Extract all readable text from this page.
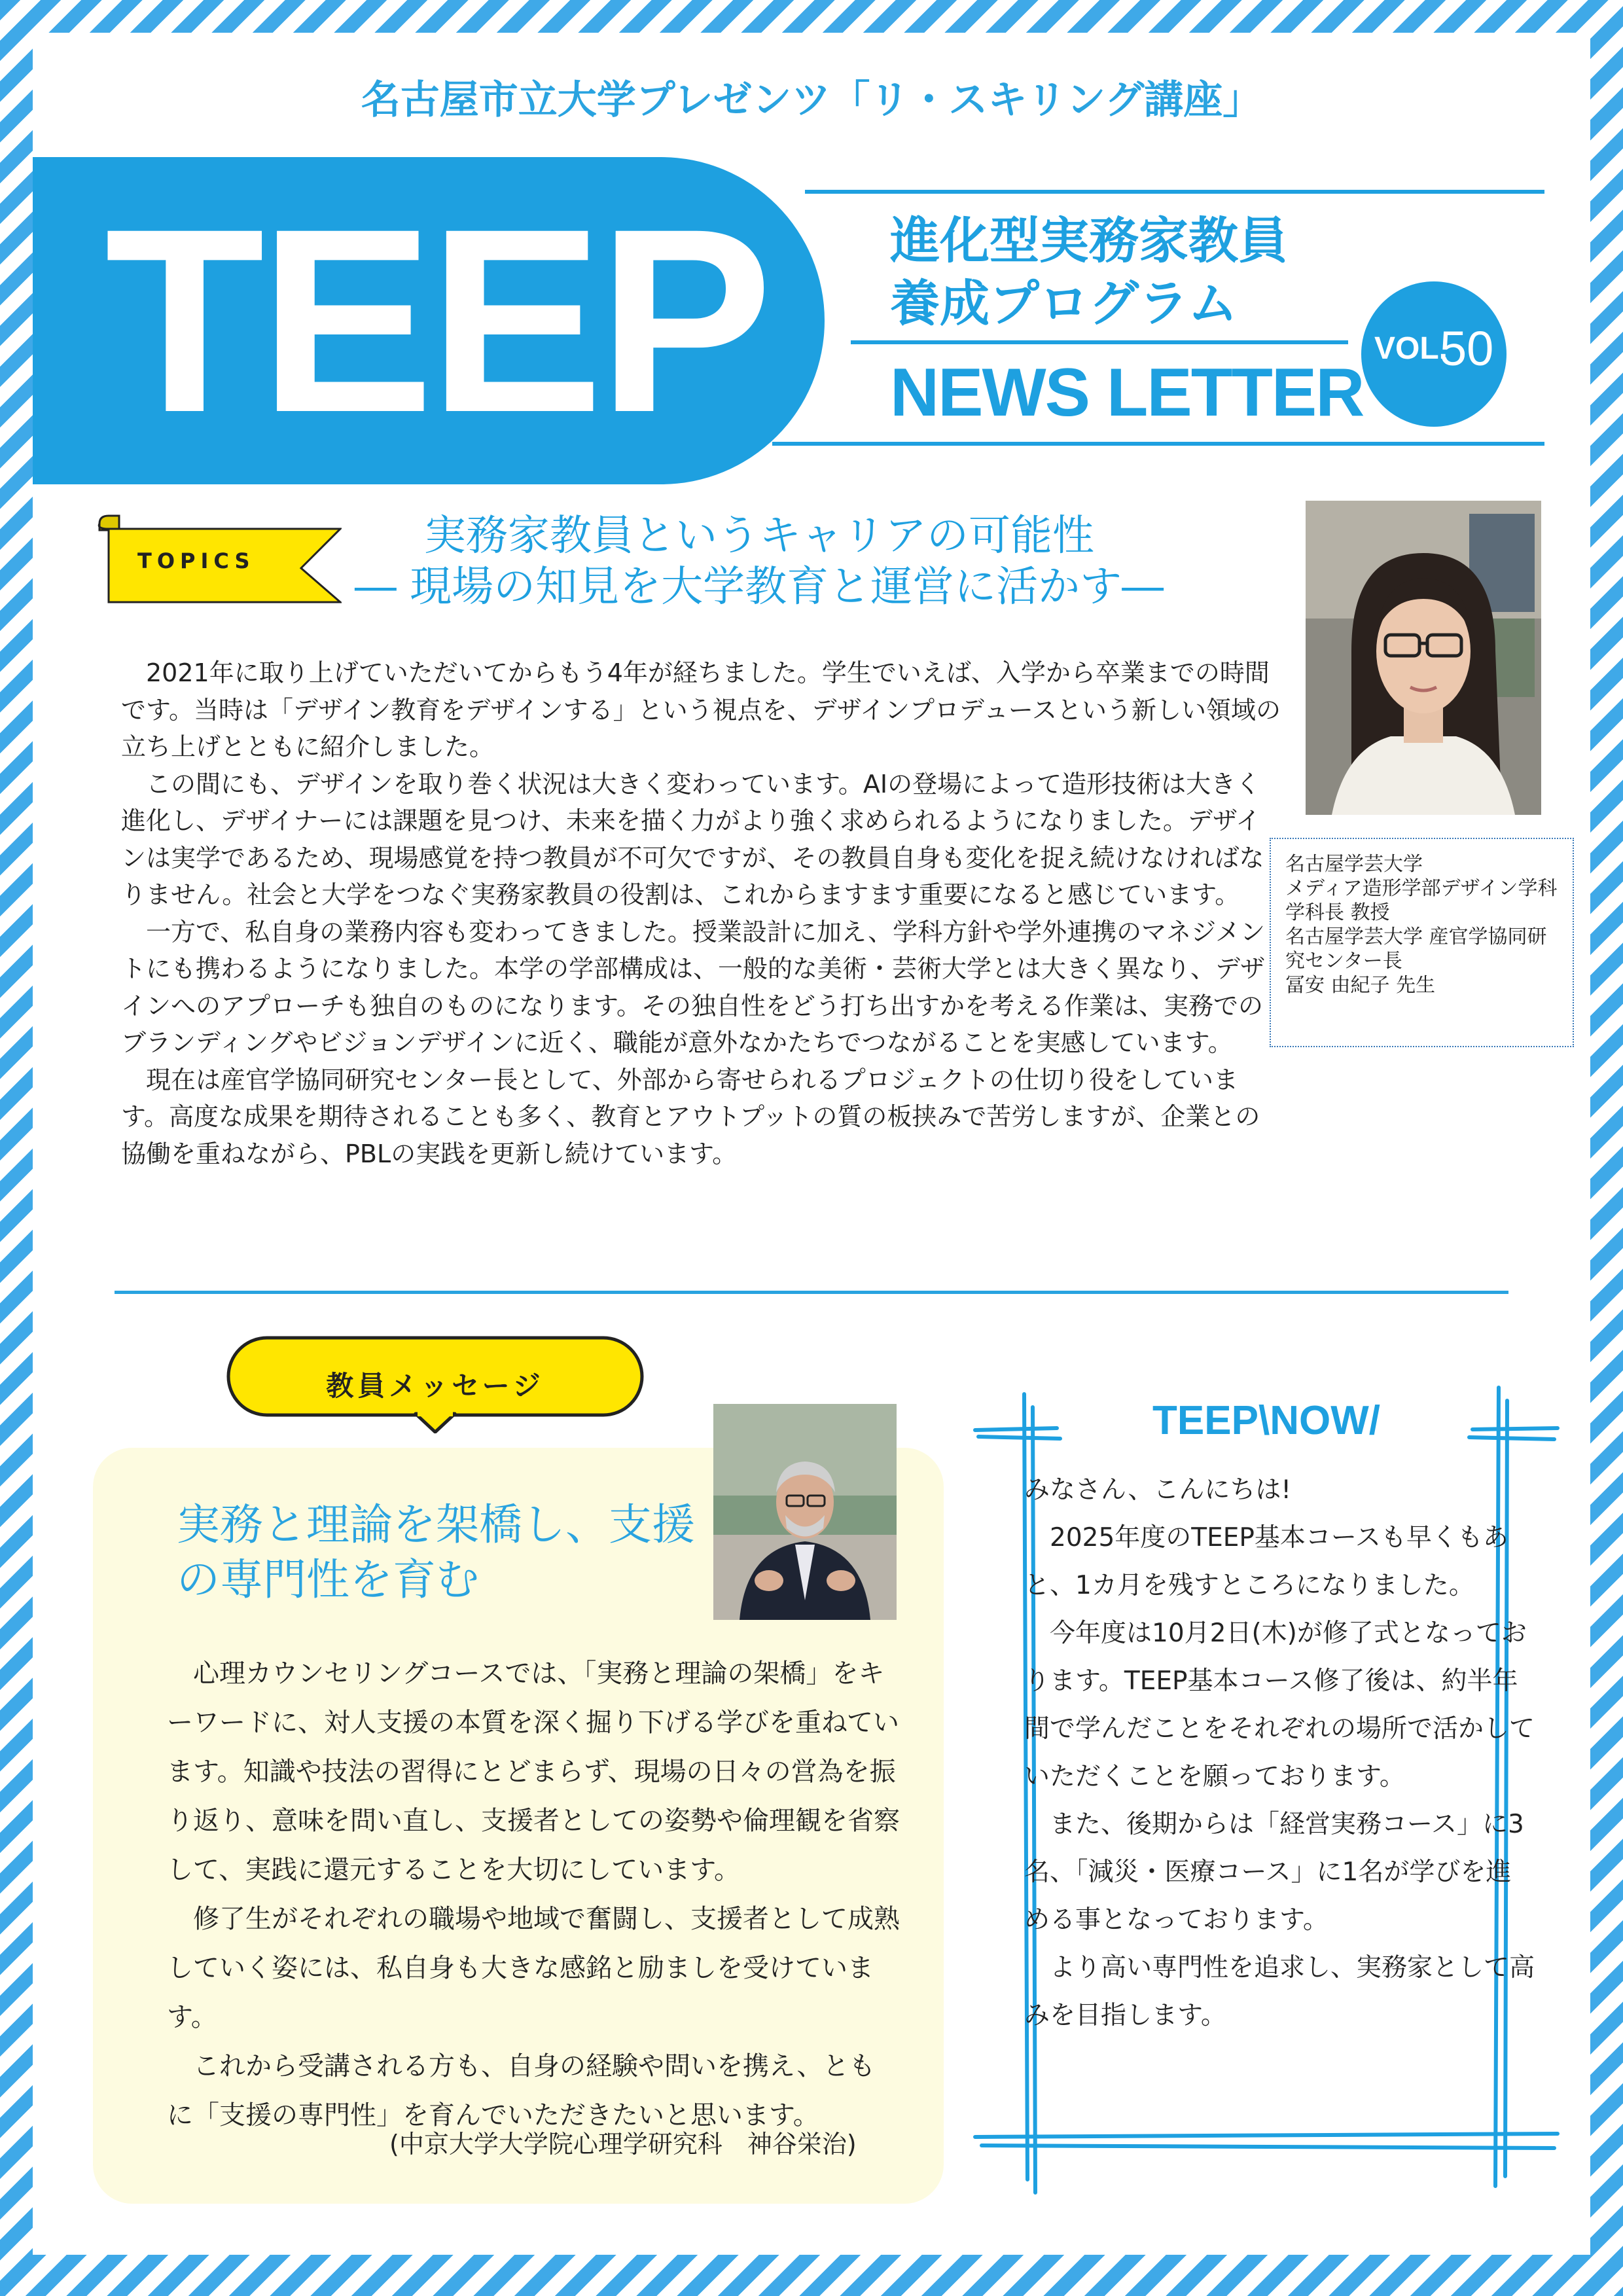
名古屋市立大学プレゼンツ「リ・スキリング講座」
TEEP 進化型実務家教員
養成プログラム
NEWS LETTER
VOL.
50
TOPICS
実務家教員というキャリアの可能性
― 現場の知見を大学教育と運営に活かす―

2021年に取り上げていただいてからもう4年が経ちました。学生でいえば、入学から卒業までの時間です。当時は「デザイン教育をデザインする」という視点を、デザインプロデュースという新しい領域の立ち上げとともに紹介しました。

この間にも、デザインを取り巻く状況は大きく変わっています。AIの登場によって造形技術は大きく進化し、デザイナーには課題を見つけ、未来を描く力がより強く求められるようになりました。デザインは実学であるため、現場感覚を持つ教員が不可欠ですが、その教員自身も変化を捉え続けなければなりません。社会と大学をつなぐ実務家教員の役割は、これからますます重要になると感じています。

一方で、私自身の業務内容も変わってきました。授業設計に加え、学科方針や学外連携のマネジメントにも携わるようになりました。本学の学部構成は、一般的な美術・芸術大学とは大きく異なり、デザインへのアプローチも独自のものになります。その独自性をどう打ち出すかを考える作業は、実務でのブランディングやビジョンデザインに近く、職能が意外なかたちでつながることを実感しています。

現在は産官学協同研究センター長として、外部から寄せられるプロジェクトの仕切り役をしています。高度な成果を期待されることも多く、教育とアウトプットの質の板挟みで苦労しますが、企業との協働を重ねながら、PBLの実践を更新し続けています。

名古屋学芸大学
メディア造形学部デザイン学科 学科長 教授
名古屋学芸大学 産官学協同研究センター長
冨安 由紀子 先生
教員メッセージ
実務と理論を架橋し、支援
の専門性を育む

心理カウンセリングコースでは、「実務と理論の架橋」をキーワードに、対人支援の本質を深く掘り下げる学びを重ねています。知識や技法の習得にとどまらず、現場の日々の営為を振り返り、意味を問い直し、支援者としての姿勢や倫理観を省察して、実践に還元することを大切にしています。

修了生がそれぞれの職場や地域で奮闘し、支援者として成熟していく姿には、私自身も大きな感銘と励ましを受けています。

これから受講される方も、自身の経験や問いを携え、ともに「支援の専門性」を育んでいただきたいと思います。

(中京大学大学院心理学研究科　神谷栄治)
TEEP\NOW/
みなさん、こんにちは!

2025年度のTEEP基本コースも早くもあと、1カ月を残すところになりました。

今年度は10月2日(木)が修了式となっております。TEEP基本コース修了後は、約半年間で学んだことをそれぞれの場所で活かしていただくことを願っております。

また、後期からは「経営実務コース」に3名、「減災・医療コース」に1名が学びを進める事となっております。

より高い専門性を追求し、実務家として高みを目指します。
